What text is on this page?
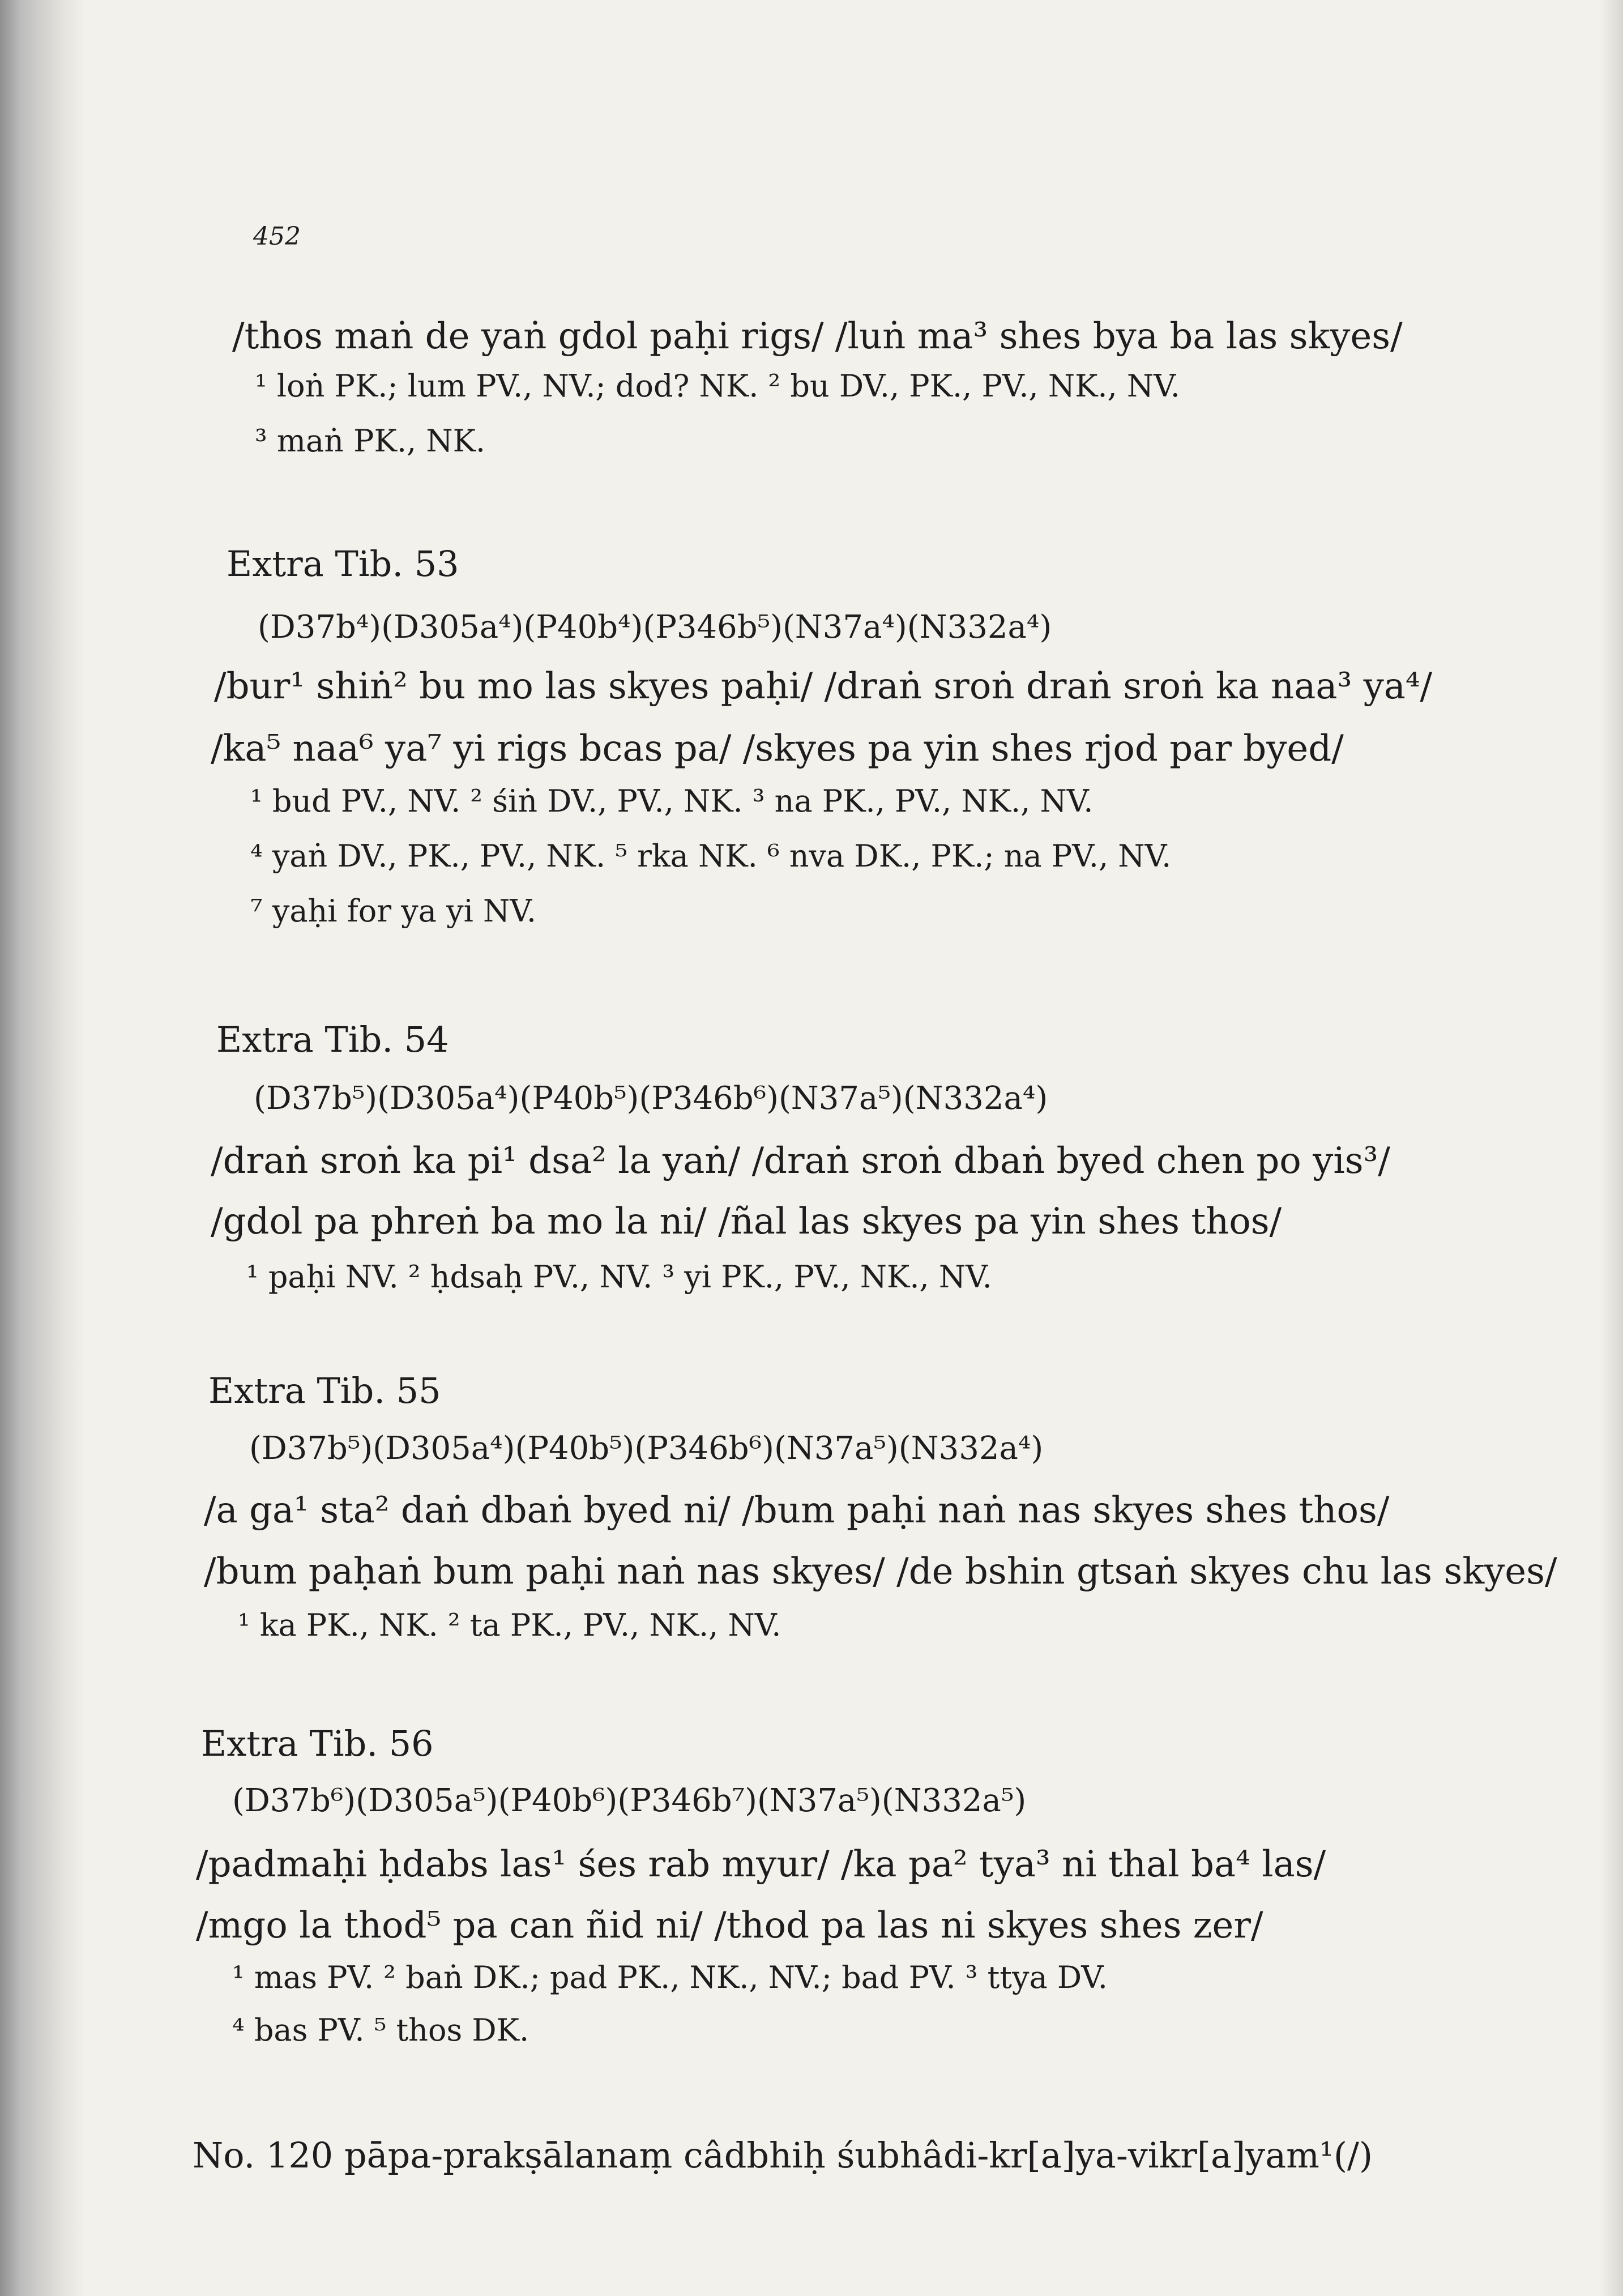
452
/thos maṅ de yaṅ gdol paḥi rigs/ /luṅ ma³ shes bya ba las skyes/
¹ loṅ PK.; lum PV., NV.; dod? NK. ² bu DV., PK., PV., NK., NV.
³ maṅ PK., NK.
Extra Tib. 53
(D37b⁴)(D305a⁴)(P40b⁴)(P346b⁵)(N37a⁴)(N332a⁴)
/bur¹ shiṅ² bu mo las skyes paḥi/ /draṅ sroṅ draṅ sroṅ ka naa³ ya⁴/
/ka⁵ naa⁶ ya⁷ yi rigs bcas pa/ /skyes pa yin shes rjod par byed/
¹ bud PV., NV. ² śiṅ DV., PV., NK. ³ na PK., PV., NK., NV.
⁴ yaṅ DV., PK., PV., NK. ⁵ rka NK. ⁶ nva DK., PK.; na PV., NV.
⁷ yaḥi for ya yi NV.
Extra Tib. 54
(D37b⁵)(D305a⁴)(P40b⁵)(P346b⁶)(N37a⁵)(N332a⁴)
/draṅ sroṅ ka pi¹ dsa² la yaṅ/ /draṅ sroṅ dbaṅ byed chen po yis³/
/gdol pa phreṅ ba mo la ni/ /ñal las skyes pa yin shes thos/
¹ paḥi NV. ² ḥdsaḥ PV., NV. ³ yi PK., PV., NK., NV.
Extra Tib. 55
(D37b⁵)(D305a⁴)(P40b⁵)(P346b⁶)(N37a⁵)(N332a⁴)
/a ga¹ sta² daṅ dbaṅ byed ni/ /bum paḥi naṅ nas skyes shes thos/
/bum paḥaṅ bum paḥi naṅ nas skyes/ /de bshin gtsaṅ skyes chu las skyes/
¹ ka PK., NK. ² ta PK., PV., NK., NV.
Extra Tib. 56
(D37b⁶)(D305a⁵)(P40b⁶)(P346b⁷)(N37a⁵)(N332a⁵)
/padmaḥi ḥdabs las¹ śes rab myur/ /ka pa² tya³ ni thal ba⁴ las/
/mgo la thod⁵ pa can ñid ni/ /thod pa las ni skyes shes zer/
¹ mas PV. ² baṅ DK.; pad PK., NK., NV.; bad PV. ³ ttya DV.
⁴ bas PV. ⁵ thos DK.
No. 120 pāpa-prakṣālanaṃ câdbhiḥ śubhâdi-kr[a]ya-vikr[a]yam¹(/)
